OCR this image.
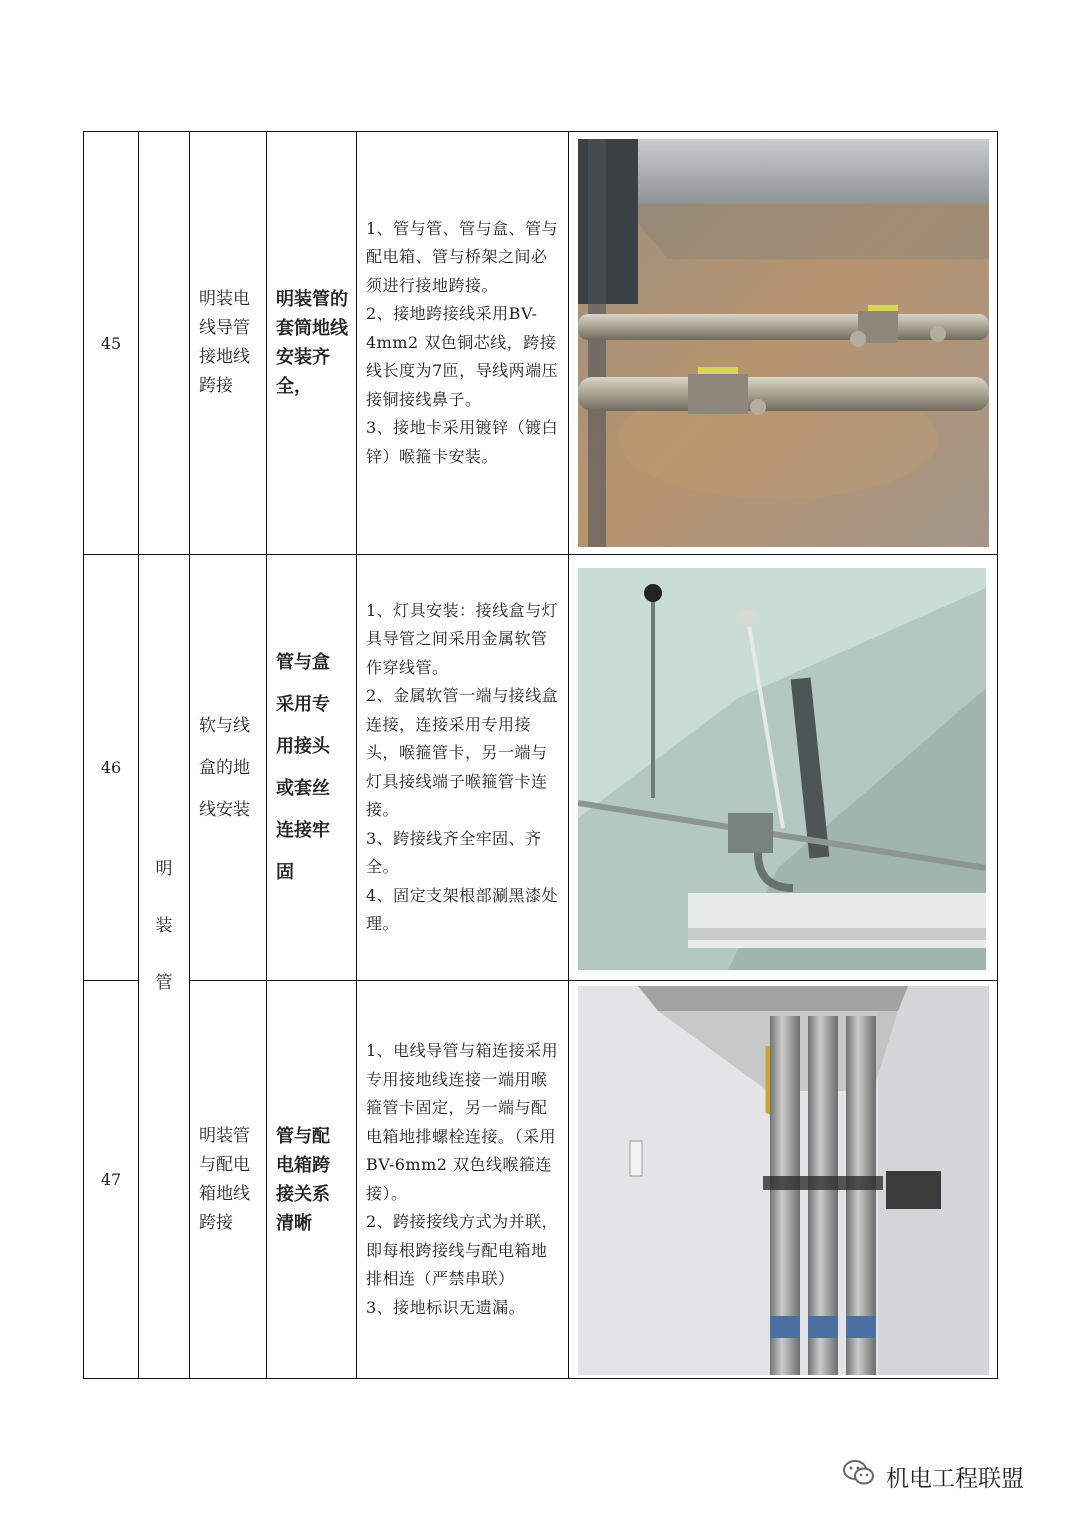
45
明装电线导管接地线跨接
明装管的套筒地线安装齐全，
1、管与管、管与盒、管与配电箱、管与桥架之间必须进行接地跨接。
2、接地跨接线采用BV-4mm2 双色铜芯线，跨接线长度为7匝，导线两端压接铜接线鼻子。
3、接地卡采用镀锌（镀白锌）喉箍卡安装。
46
软与线盒的地线安装
管与盒采用专用接头或套丝连接牢固
1、灯具安装：接线盒与灯具导管之间采用金属软管作穿线管。
2、金属软管一端与接线盒连接，连接采用专用接头，喉箍管卡，另一端与灯具接线端子喉箍管卡连接。
3、跨接线齐全牢固、齐全。
4、固定支架根部涮黑漆处理。
47
明装管与配电箱地线跨接
管与配电箱跨接关系清晰
1、电线导管与箱连接采用专用接地线连接一端用喉箍管卡固定，另一端与配电箱地排螺栓连接。（采用 BV-6mm2 双色线喉箍连接）。
2、跨接接线方式为并联，即每根跨接线与配电箱地排相连（严禁串联）
3、接地标识无遗漏。
明
装
管
机电工程联盟
